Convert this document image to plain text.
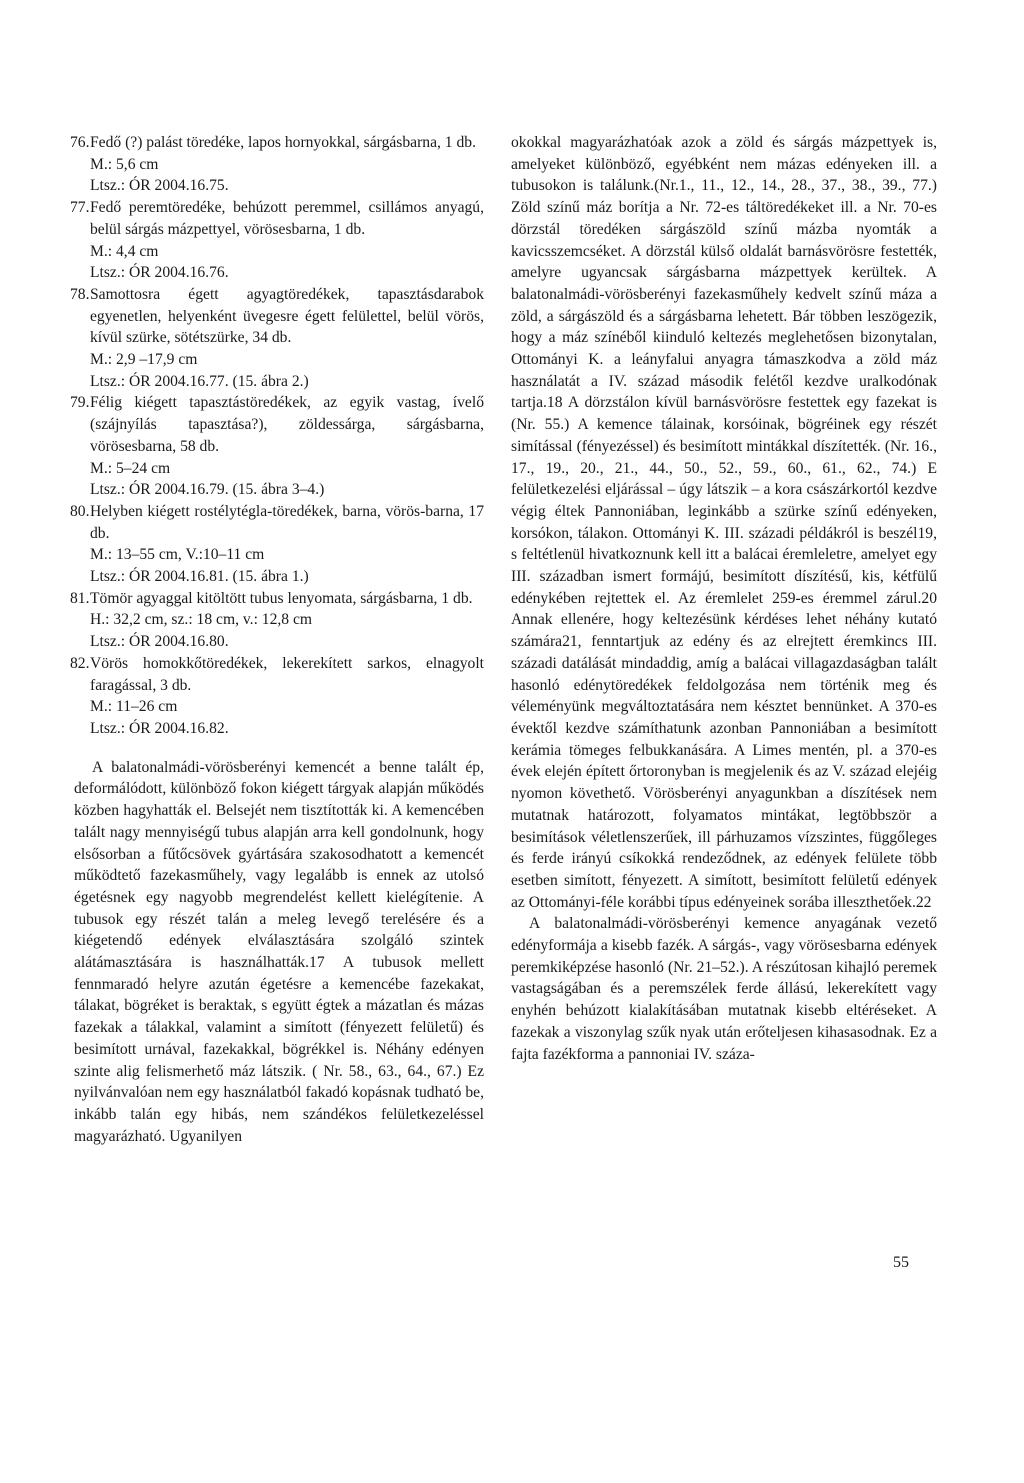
76. Fedő (?) palást töredéke, lapos hornyokkal, sárgásbarna, 1 db.
M.: 5,6 cm
Ltsz.: ÓR 2004.16.75.
77. Fedő peremtöredéke, behúzott peremmel, csillámos anyagú, belül sárgás mázpettyel, vörösesbarna, 1 db.
M.: 4,4 cm
Ltsz.: ÓR 2004.16.76.
78. Samottosra égett agyagtöredékek, tapasztásdarabok egyenetlen, helyenként üvegesre égett felülettel, belül vörös, kívül szürke, sötétszürke, 34 db.
M.: 2,9 –17,9 cm
Ltsz.: ÓR 2004.16.77. (15. ábra 2.)
79. Félig kiégett tapasztástöredékek, az egyik vastag, ívelő (szájnyílás tapasztása?), zöldessárga, sárgásbarna, vörösesbarna, 58 db.
M.: 5–24 cm
Ltsz.: ÓR 2004.16.79. (15. ábra 3–4.)
80. Helyben kiégett rostélytégla-töredékek, barna, vörös-barna, 17 db.
M.: 13–55 cm, V.:10–11 cm
Ltsz.: ÓR 2004.16.81. (15. ábra 1.)
81. Tömör agyaggal kitöltött tubus lenyomata, sárgásbarna, 1 db.
H.: 32,2 cm, sz.: 18 cm, v.: 12,8 cm
Ltsz.: ÓR 2004.16.80.
82. Vörös homokkőtöredékek, lekerekített sarkos, elnagyolt faragással, 3 db.
M.: 11–26 cm
Ltsz.: ÓR 2004.16.82.

A balatonalmádi-vörösberényi kemencét a benne talált ép, deformálódott, különböző fokon kiégett tárgyak alapján működés közben hagyhatták el. Belsejét nem tisztították ki. A kemencében talált nagy mennyiségű tubus alapján arra kell gondolnunk, hogy elsősorban a fűtőcsövek gyártására szakosodhatott a kemencét működtető fazekasműhely, vagy legalább is ennek az utolsó égetésnek egy nagyobb megrendelést kellett kielégítenie. A tubusok egy részét talán a meleg levegő terelésére és a kiégetendő edények elválasztására szolgáló szintek alátámasztására is használhatták.17 A tubusok mellett fennmaradó helyre azután égetésre a kemencébe fazekakat, tálakat, bögréket is beraktak, s együtt égtek a mázatlan és mázas fazekak a tálakkal, valamint a simított (fényezett felületű) és besimított urnával, fazekakkal, bögrékkel is. Néhány edényen szinte alig felismerhető máz látszik. ( Nr. 58., 63., 64., 67.) Ez nyilvánvalóan nem egy használatból fakadó kopásnak tudható be, inkább talán egy hibás, nem szándékos felületkezeléssel magyarázható. Ugyanilyen

okokkal magyarázhatóak azok a zöld és sárgás mázpettyek is, amelyeket különböző, egyébként nem mázas edényeken ill. a tubusokon is találunk.(Nr.1., 11., 12., 14., 28., 37., 38., 39., 77.) Zöld színű máz borítja a Nr. 72-es táltöredékeket ill. a Nr. 70-es dörzstál töredéken sárgászöld színű mázba nyomták a kavicsszemcséket. A dörzstál külső oldalát barnásvörösre festették, amelyre ugyancsak sárgásbarna mázpettyek kerültek. A balatonalmádi-vörösberényi fazekasműhely kedvelt színű máza a zöld, a sárgászöld és a sárgásbarna lehetett. Bár többen leszögezik, hogy a máz színéből kiinduló keltezés meglehetősen bizonytalan, Ottományi K. a leányfalui anyagra támaszkodva a zöld máz használatát a IV. század második felétől kezdve uralkodónak tartja.18 A dörzstálon kívül barnásvörösre festettek egy fazekat is (Nr. 55.) A kemence tálainak, korsóinak, bögréinek egy részét simítással (fényezéssel) és besimított mintákkal díszítették. (Nr. 16., 17., 19., 20., 21., 44., 50., 52., 59., 60., 61., 62., 74.) E felületkezelési eljárással – úgy látszik – a kora császárkortól kezdve végig éltek Pannoniában, leginkább a szürke színű edényeken, korsókon, tálakon. Ottományi K. III. századi példákról is beszél19, s feltétlenül hivatkoznunk kell itt a balácai éremleletre, amelyet egy III. században ismert formájú, besimított díszítésű, kis, kétfülű edénykében rejtettek el. Az éremlelet 259-es éremmel zárul.20 Annak ellenére, hogy keltezésünk kérdéses lehet néhány kutató számára21, fenntartjuk az edény és az elrejtett éremkincs III. századi datálását mindaddig, amíg a balácai villagazdaságban talált hasonló edénytöredékek feldolgozása nem történik meg és véleményünk megváltoztatására nem késztet bennünket. A 370-es évektől kezdve számíthatunk azonban Pannoniában a besimított kerámia tömeges felbukkanására. A Limes mentén, pl. a 370-es évek elején épített őrtoronyban is megjelenik és az V. század elejéig nyomon követhető. Vörösberényi anyagunkban a díszítések nem mutatnak határozott, folyamatos mintákat, legtöbbször a besimítások véletlenszerűek, ill párhuzamos vízszintes, függőleges és ferde irányú csíkokká rendeződnek, az edények felülete több esetben simított, fényezett. A simított, besimított felületű edények az Ottományi-féle korábbi típus edényeinek sorába illeszthetőek.22

A balatonalmádi-vörösberényi kemence anyagának vezető edényformája a kisebb fazék. A sárgás-, vagy vörösesbarna edények peremkiképzése hasonló (Nr. 21–52.). A részútosan kihajló peremek vastagságában és a peremszélek ferde állású, lekerekített vagy enyhén behúzott kialakításában mutatnak kisebb eltéréseket. A fazekak a viszonylag szűk nyak után erőteljesen kihasasodnak. Ez a fajta fazékforma a pannoniai IV. száza-

55
